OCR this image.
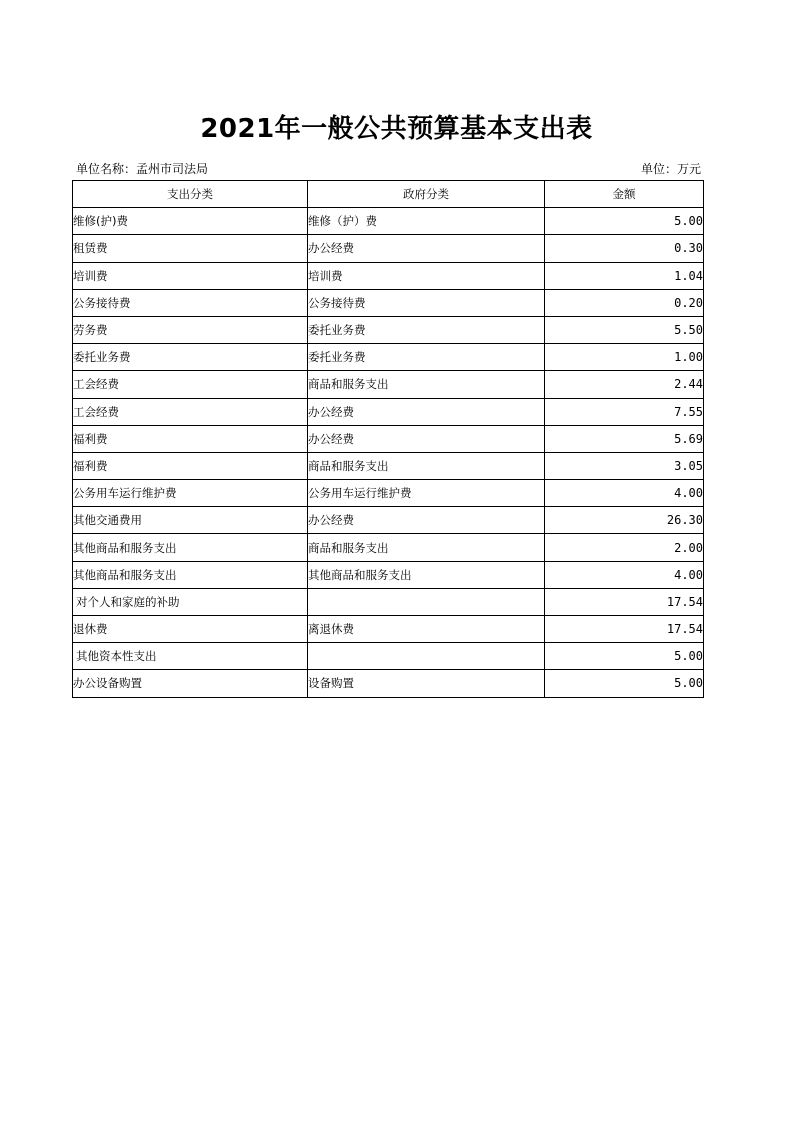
2021年一般公共预算基本支出表
单位名称：孟州市司法局	单位：万元
支出分类	政府分类	金额
维修(护)费	维修（护）费	5.00
租赁费	办公经费	0.30
培训费	培训费	1.04
公务接待费	公务接待费	0.20
劳务费	委托业务费	5.50
委托业务费	委托业务费	1.00
工会经费	商品和服务支出	2.44
工会经费	办公经费	7.55
福利费	办公经费	5.69
福利费	商品和服务支出	3.05
公务用车运行维护费	公务用车运行维护费	4.00
其他交通费用	办公经费	26.30
其他商品和服务支出	商品和服务支出	2.00
其他商品和服务支出	其他商品和服务支出	4.00
对个人和家庭的补助		17.54
退休费	离退休费	17.54
其他资本性支出		5.00
办公设备购置	设备购置	5.00
